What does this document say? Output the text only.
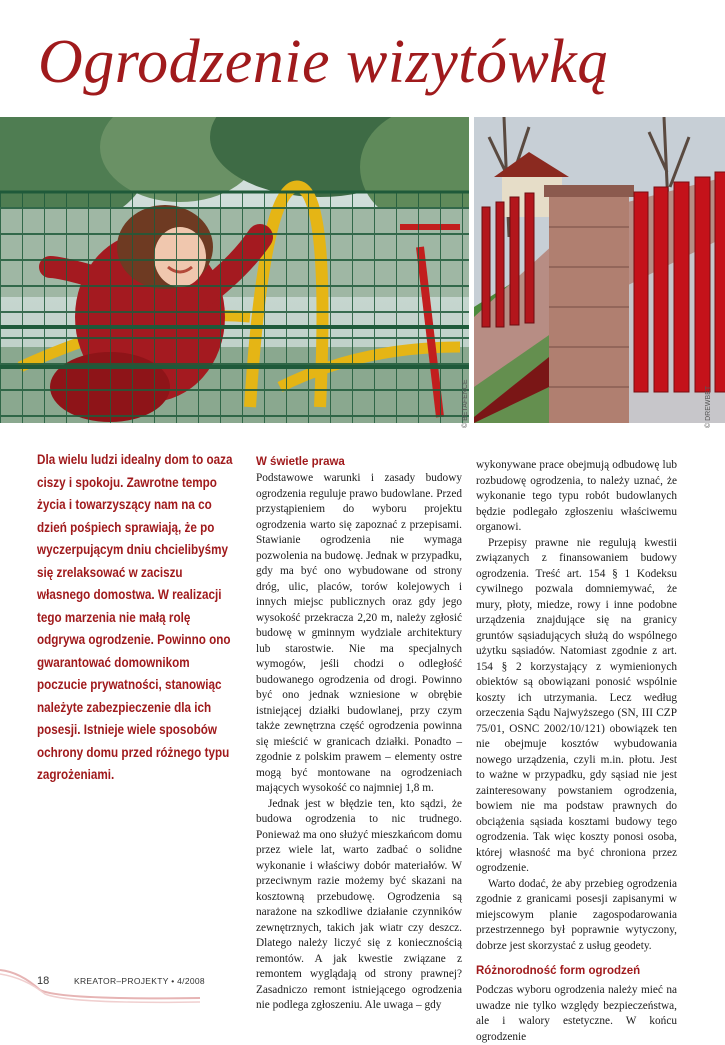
Ogrodzenie wizytówką
© BETAFENCE	© DREWBET

Dla wielu ludzi idealny dom to oaza ciszy i spokoju. Zawrotne tempo życia i towarzyszący nam na co dzień pośpiech sprawiają, że po wyczerpującym dniu chcielibyśmy się zrelaksować w zaciszu własnego domostwa. W realizacji tego marzenia nie małą rolę odgrywa ogrodzenie. Powinno ono gwarantować domownikom poczucie prywatności, stanowiąc należyte zabezpieczenie dla ich posesji. Istnieje wiele sposobów ochrony domu przed różnego typu zagrożeniami.

W świetle prawa

Podstawowe warunki i zasady budowy ogrodzenia reguluje prawo budowlane. Przed przystąpieniem do wyboru projektu ogrodzenia warto się zapoznać z przepisami. Stawianie ogrodzenia nie wymaga pozwolenia na budowę. Jednak w przypadku, gdy ma być ono wybudowane od strony dróg, ulic, placów, torów kolejowych i innych miejsc publicznych oraz gdy jego wysokość przekracza 2,20 m, należy zgłosić budowę w gminnym wydziale architektury lub starostwie. Nie ma specjalnych wymogów, jeśli chodzi o odległość budowanego ogrodzenia od drogi. Powinno być ono jednak wzniesione w obrębie istniejącej działki budowlanej, przy czym także zewnętrzna część ogrodzenia powinna się mieścić w granicach działki. Ponadto – zgodnie z polskim prawem – elementy ostre mogą być montowane na ogrodzeniach mających wysokość co najmniej 1,8 m.

Jednak jest w błędzie ten, kto sądzi, że budowa ogrodzenia to nic trudnego. Ponieważ ma ono służyć mieszkańcom domu przez wiele lat, warto zadbać o solidne wykonanie i właściwy dobór materiałów. W przeciwnym razie możemy być skazani na kosztowną przebudowę. Ogrodzenia są narażone na szkodliwe działanie czynników zewnętrznych, takich jak wiatr czy deszcz. Dlatego należy liczyć się z koniecznością remontów. A jak kwestie związane z remontem wyglądają od strony prawnej? Zasadniczo remont istniejącego ogrodzenia nie podlega zgłoszeniu. Ale uwaga – gdy

wykonywane prace obejmują odbudowę lub rozbudowę ogrodzenia, to należy uznać, że wykonanie tego typu robót budowlanych będzie podlegało zgłoszeniu właściwemu organowi.

Przepisy prawne nie regulują kwestii związanych z finansowaniem budowy ogrodzenia. Treść art. 154 § 1 Kodeksu cywilnego pozwala domniemywać, że mury, płoty, miedze, rowy i inne podobne urządzenia znajdujące się na granicy gruntów sąsiadujących służą do wspólnego użytku sąsiadów. Natomiast zgodnie z art. 154 § 2 korzystający z wymienionych obiektów są obowiązani ponosić wspólnie koszty ich utrzymania. Lecz według orzeczenia Sądu Najwyższego (SN, III CZP 75/01, OSNC 2002/10/121) obowiązek ten nie obejmuje kosztów wybudowania nowego urządzenia, czyli m.in. płotu. Jest to ważne w przypadku, gdy sąsiad nie jest zainteresowany powstaniem ogrodzenia, bowiem nie ma podstaw prawnych do obciążenia sąsiada kosztami budowy tego ogrodzenia. Tak więc koszty ponosi osoba, której własność ma być chroniona przez ogrodzenie.

Warto dodać, że aby przebieg ogrodzenia zgodnie z granicami posesji zapisanymi w miejscowym planie zagospodarowania przestrzennego był poprawnie wytyczony, dobrze jest skorzystać z usług geodety.

Różnorodność form ogrodzeń

Podczas wyboru ogrodzenia należy mieć na uwadze nie tylko względy bezpieczeństwa, ale i walory estetyczne. W końcu ogrodzenie

18	KREATOR–PROJEKTY • 4/2008
